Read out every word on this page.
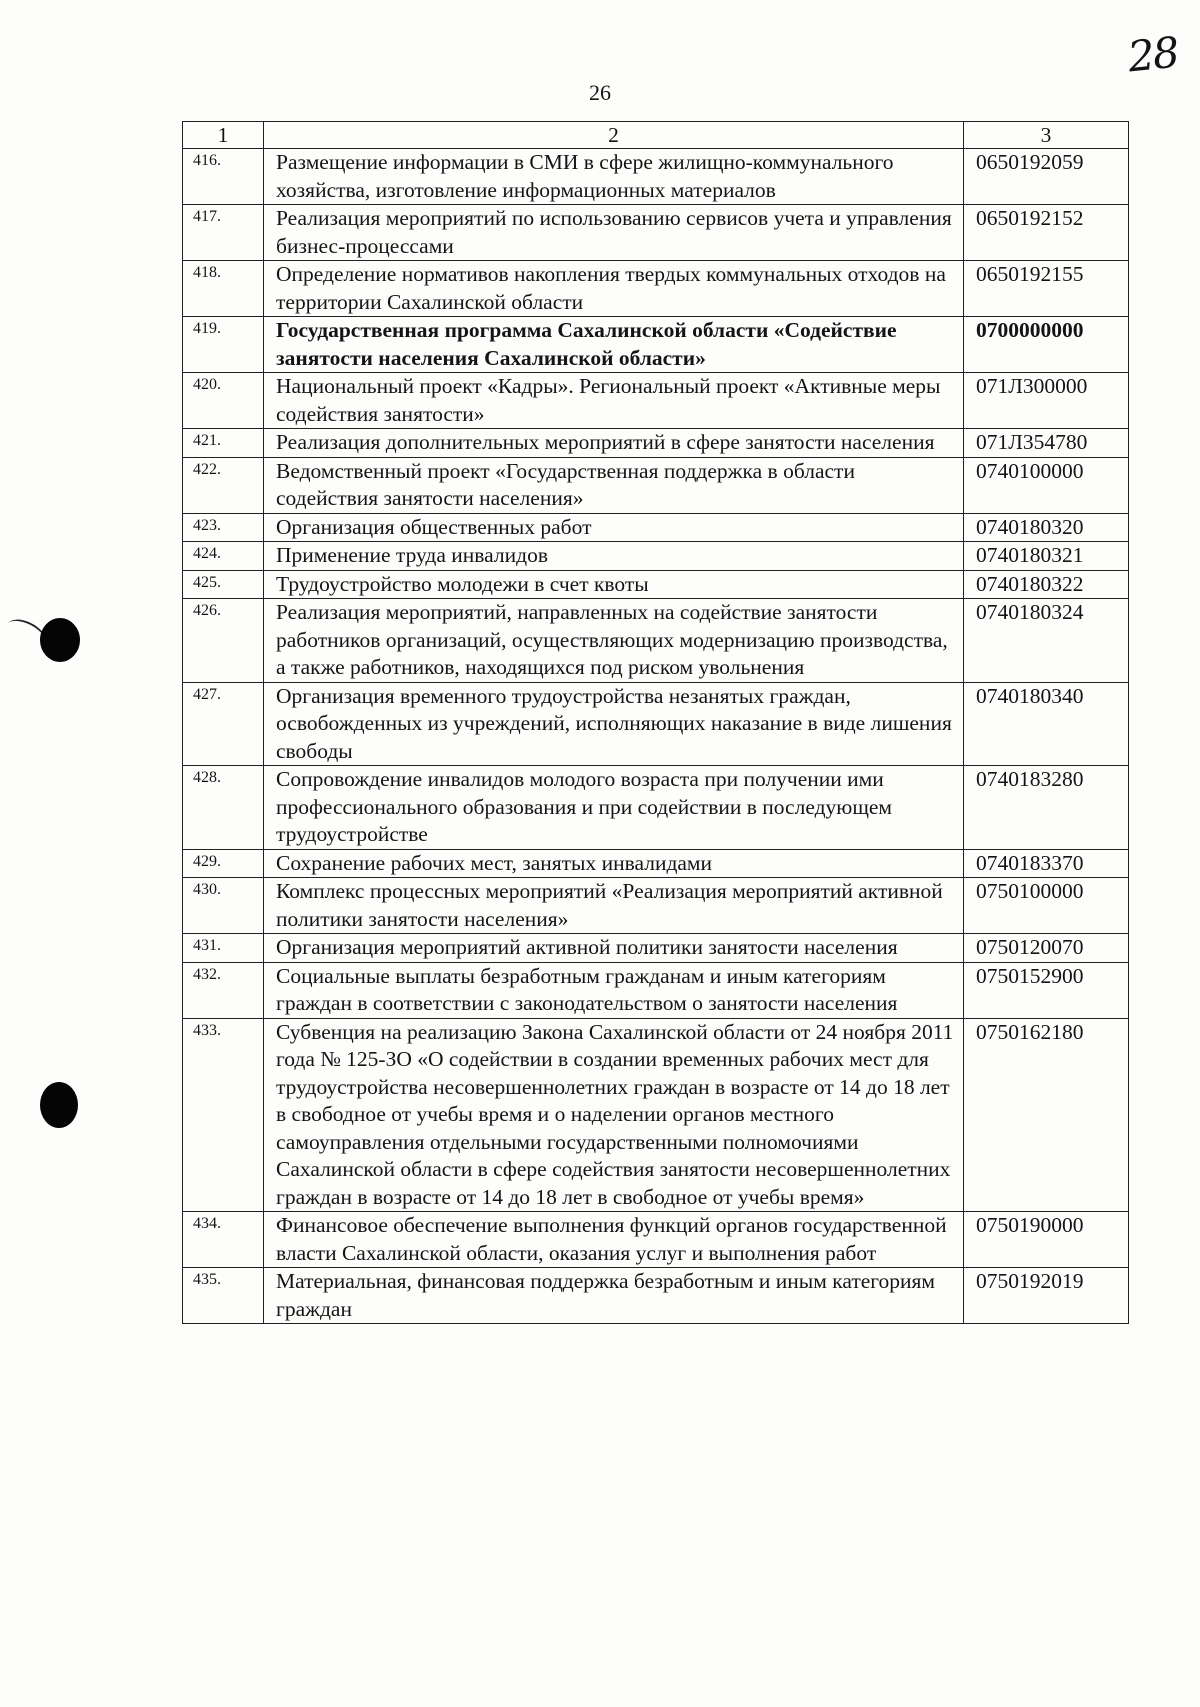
28
26
1	2	3
416.	Размещение информации в СМИ в сфере жилищно-коммунального хозяйства, изготовление информационных материалов	0650192059
417.	Реализация мероприятий по использованию сервисов учета и управления бизнес-процессами	0650192152
418.	Определение нормативов накопления твердых коммунальных отходов на территории Сахалинской области	0650192155
419.	Государственная программа Сахалинской области «Содействие занятости населения Сахалинской области»	0700000000
420.	Национальный проект «Кадры». Региональный проект «Активные меры содействия занятости»	071Л300000
421.	Реализация дополнительных мероприятий в сфере занятости населения	071Л354780
422.	Ведомственный проект «Государственная поддержка в области содействия занятости населения»	0740100000
423.	Организация общественных работ	0740180320
424.	Применение труда инвалидов	0740180321
425.	Трудоустройство молодежи в счет квоты	0740180322
426.	Реализация мероприятий, направленных на содействие занятости работников организаций, осуществляющих модернизацию производства, а также работников, находящихся под риском увольнения	0740180324
427.	Организация временного трудоустройства незанятых граждан, освобожденных из учреждений, исполняющих наказание в виде лишения свободы	0740180340
428.	Сопровождение инвалидов молодого возраста при получении ими профессионального образования и при содействии в последующем трудоустройстве	0740183280
429.	Сохранение рабочих мест, занятых инвалидами	0740183370
430.	Комплекс процессных мероприятий «Реализация мероприятий активной политики занятости населения»	0750100000
431.	Организация мероприятий активной политики занятости населения	0750120070
432.	Социальные выплаты безработным гражданам и иным категориям граждан в соответствии с законодательством о занятости населения	0750152900
433.	Субвенция на реализацию Закона Сахалинской области от 24 ноября 2011 года № 125-ЗО «О содействии в создании временных рабочих мест для трудоустройства несовершеннолетних граждан в возрасте от 14 до 18 лет в свободное от учебы время и о наделении органов местного самоуправления отдельными государственными полномочиями Сахалинской области в сфере содействия занятости несовершеннолетних граждан в возрасте от 14 до 18 лет в свободное от учебы время»	0750162180
434.	Финансовое обеспечение выполнения функций органов государственной власти Сахалинской области, оказания услуг и выполнения работ	0750190000
435.	Материальная, финансовая поддержка безработным и иным категориям граждан	0750192019
